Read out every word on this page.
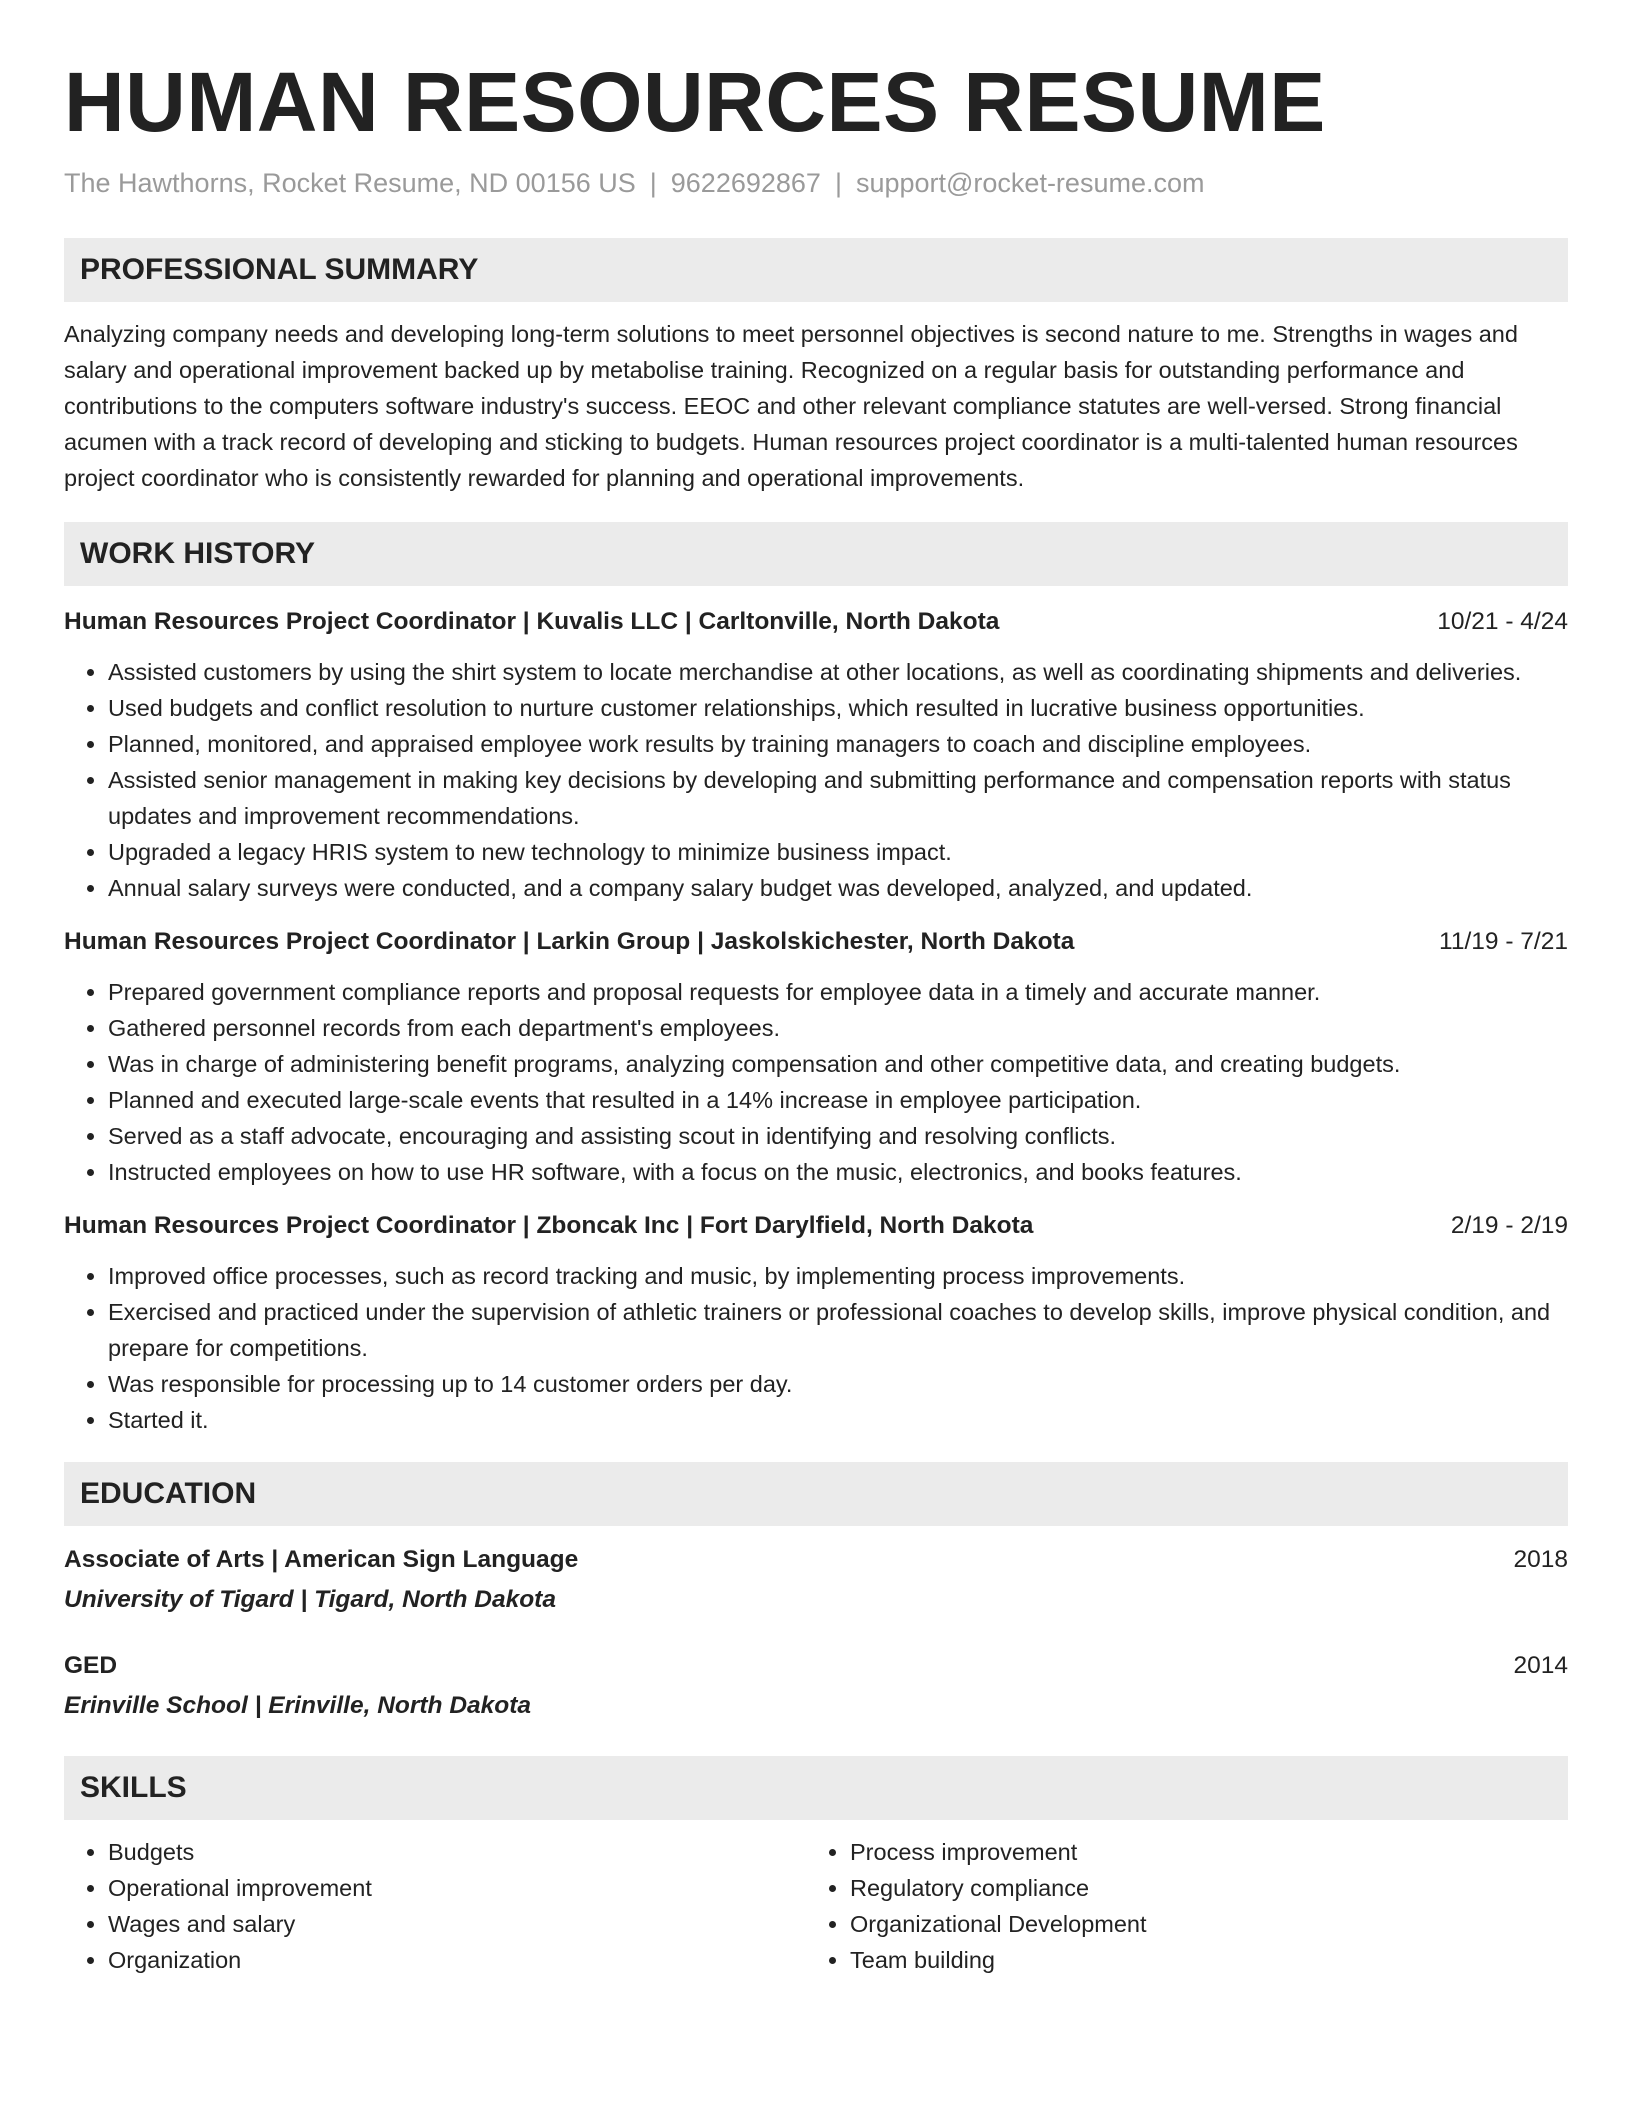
HUMAN RESOURCES RESUME
The Hawthorns, Rocket Resume, ND 00156 US | 9622692867 | support@rocket-resume.com
PROFESSIONAL SUMMARY

Analyzing company needs and developing long-term solutions to meet personnel objectives is second nature to me. Strengths in wages and salary and operational improvement backed up by metabolise training. Recognized on a regular basis for outstanding performance and contributions to the computers software industry's success. EEOC and other relevant compliance statutes are well-versed. Strong financial acumen with a track record of developing and sticking to budgets. Human resources project coordinator is a multi-talented human resources project coordinator who is consistently rewarded for planning and operational improvements.

WORK HISTORY
Human Resources Project Coordinator | Kuvalis LLC | Carltonville, North Dakota	10/21 - 4/24
• Assisted customers by using the shirt system to locate merchandise at other locations, as well as coordinating shipments and deliveries.
• Used budgets and conflict resolution to nurture customer relationships, which resulted in lucrative business opportunities.
• Planned, monitored, and appraised employee work results by training managers to coach and discipline employees.
• Assisted senior management in making key decisions by developing and submitting performance and compensation reports with status updates and improvement recommendations.
• Upgraded a legacy HRIS system to new technology to minimize business impact.
• Annual salary surveys were conducted, and a company salary budget was developed, analyzed, and updated.
Human Resources Project Coordinator | Larkin Group | Jaskolskichester, North Dakota	11/19 - 7/21
• Prepared government compliance reports and proposal requests for employee data in a timely and accurate manner.
• Gathered personnel records from each department's employees.
• Was in charge of administering benefit programs, analyzing compensation and other competitive data, and creating budgets.
• Planned and executed large-scale events that resulted in a 14% increase in employee participation.
• Served as a staff advocate, encouraging and assisting scout in identifying and resolving conflicts.
• Instructed employees on how to use HR software, with a focus on the music, electronics, and books features.
Human Resources Project Coordinator | Zboncak Inc | Fort Darylfield, North Dakota	2/19 - 2/19
• Improved office processes, such as record tracking and music, by implementing process improvements.
• Exercised and practiced under the supervision of athletic trainers or professional coaches to develop skills, improve physical condition, and prepare for competitions.
• Was responsible for processing up to 14 customer orders per day.
• Started it.
EDUCATION
Associate of Arts | American Sign Language	2018
University of Tigard | Tigard, North Dakota
GED	2014
Erinville School | Erinville, North Dakota
SKILLS
• Budgets
• Operational improvement
• Wages and salary
• Organization
• Process improvement
• Regulatory compliance
• Organizational Development
• Team building
